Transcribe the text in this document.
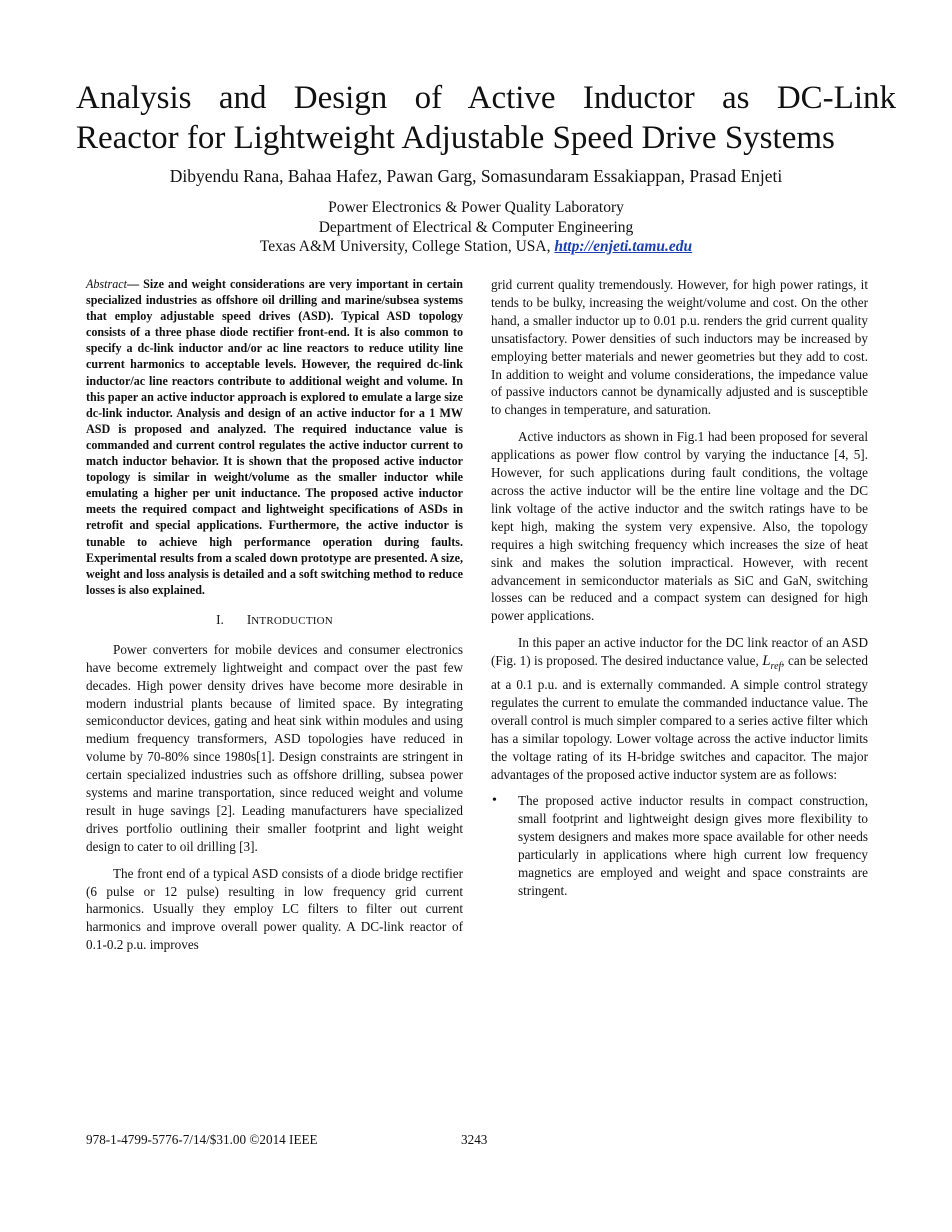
Analysis and Design of Active Inductor as DC-Link
Reactor for Lightweight Adjustable Speed Drive Systems
Dibyendu Rana, Bahaa Hafez, Pawan Garg, Somasundaram Essakiappan, Prasad Enjeti
Power Electronics & Power Quality Laboratory
Department of Electrical & Computer Engineering
Texas A&M University, College Station, USA, http://enjeti.tamu.edu

Abstract— Size and weight considerations are very important in certain specialized industries as offshore oil drilling and marine/subsea systems that employ adjustable speed drives (ASD). Typical ASD topology consists of a three phase diode rectifier front-end. It is also common to specify a dc-link inductor and/or ac line reactors to reduce utility line current harmonics to acceptable levels. However, the required dc-link inductor/ac line reactors contribute to additional weight and volume. In this paper an active inductor approach is explored to emulate a large size dc-link inductor. Analysis and design of an active inductor for a 1 MW ASD is proposed and analyzed. The required inductance value is commanded and current control regulates the active inductor current to match inductor behavior. It is shown that the proposed active inductor topology is similar in weight/volume as the smaller inductor while emulating a higher per unit inductance. The proposed active inductor meets the required compact and lightweight specifications of ASDs in retrofit and special applications. Furthermore, the active inductor is tunable to achieve high performance operation during faults. Experimental results from a scaled down prototype are presented. A size, weight and loss analysis is detailed and a soft switching method to reduce losses is also explained.

I. INTRODUCTION

Power converters for mobile devices and consumer electronics have become extremely lightweight and compact over the past few decades. High power density drives have become more desirable in modern industrial plants because of limited space. By integrating semiconductor devices, gating and heat sink within modules and using medium frequency transformers, ASD topologies have reduced in volume by 70-80% since 1980s[1]. Design constraints are stringent in certain specialized industries such as offshore drilling, subsea power systems and marine transportation, since reduced weight and volume result in huge savings [2]. Leading manufacturers have specialized drives portfolio outlining their smaller footprint and light weight design to cater to oil drilling [3].

The front end of a typical ASD consists of a diode bridge rectifier (6 pulse or 12 pulse) resulting in low frequency grid current harmonics. Usually they employ LC filters to filter out current harmonics and improve overall power quality. A DC-link reactor of 0.1-0.2 p.u. improves

grid current quality tremendously. However, for high power ratings, it tends to be bulky, increasing the weight/volume and cost. On the other hand, a smaller inductor up to 0.01 p.u. renders the grid current quality unsatisfactory. Power densities of such inductors may be increased by employing better materials and newer geometries but they add to cost. In addition to weight and volume considerations, the impedance value of passive inductors cannot be dynamically adjusted and is susceptible to changes in temperature, and saturation.

Active inductors as shown in Fig.1 had been proposed for several applications as power flow control by varying the inductance [4, 5]. However, for such applications during fault conditions, the voltage across the active inductor will be the entire line voltage and the DC link voltage of the active inductor and the switch ratings have to be kept high, making the system very expensive. Also, the topology requires a high switching frequency which increases the size of heat sink and makes the solution impractical. However, with recent advancement in semiconductor materials as SiC and GaN, switching losses can be reduced and a compact system can designed for high power applications.

In this paper an active inductor for the DC link reactor of an ASD (Fig. 1) is proposed. The desired inductance value, $L_{ref}$, can be selected at a 0.1 p.u. and is externally commanded. A simple control strategy regulates the current to emulate the commanded inductance value. The overall control is much simpler compared to a series active filter which has a similar topology. Lower voltage across the active inductor limits the voltage rating of its H-bridge switches and capacitor. The major advantages of the proposed active inductor system are as follows:

• The proposed active inductor results in compact construction, small footprint and lightweight design gives more flexibility to system designers and makes more space available for other needs particularly in applications where high current low frequency magnetics are employed and weight and space constraints are stringent.
978-1-4799-5776-7/14/$31.00 ©2014 IEEE	3243
